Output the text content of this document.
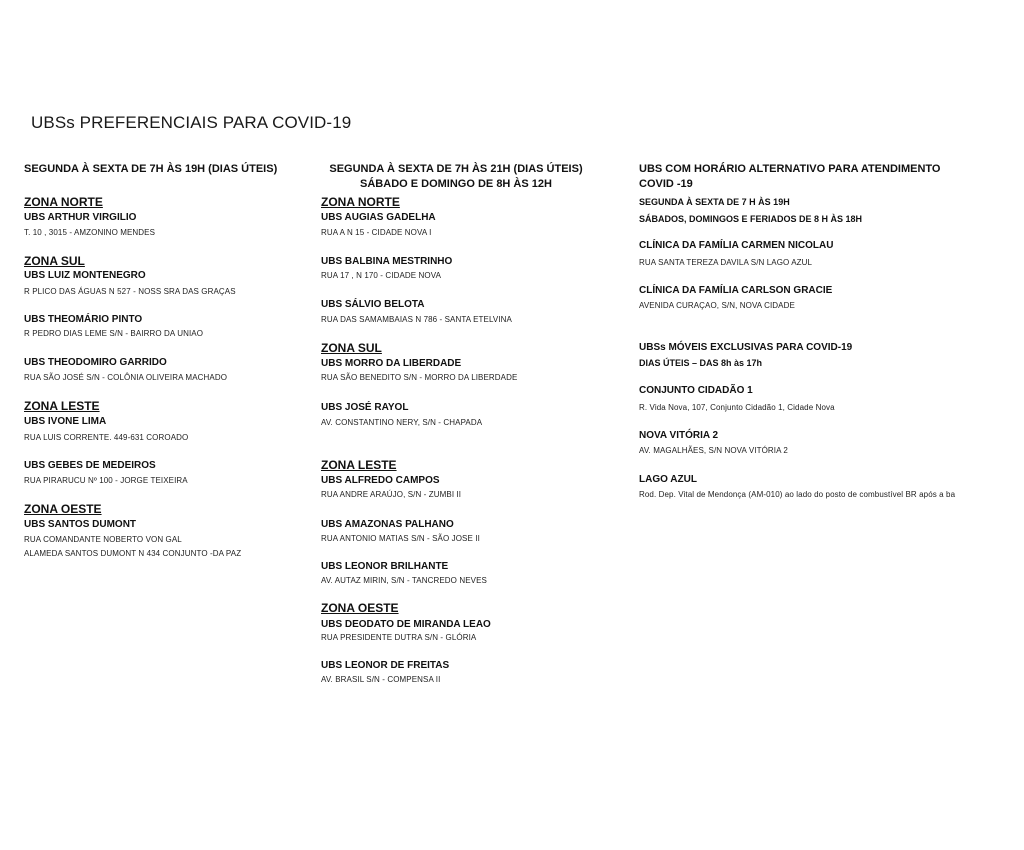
UBSs PREFERENCIAIS PARA COVID-19
SEGUNDA À SEXTA DE 7H ÀS 19H (DIAS ÚTEIS)
ZONA NORTE
UBS ARTHUR VIRGILIO
T. 10 , 3015 - AMZONINO MENDES
ZONA SUL
UBS LUIZ MONTENEGRO
R PLICO DAS ÁGUAS N 527 - NOSS SRA DAS GRAÇAS
UBS THEOMÁRIO PINTO
R PEDRO DIAS LEME S/N - BAIRRO DA UNIAO
UBS THEODOMIRO GARRIDO
RUA SÃO JOSÉ S/N - COLÔNIA OLIVEIRA MACHADO
ZONA LESTE
UBS IVONE LIMA
RUA LUIS CORRENTE. 449-631 COROADO
UBS GEBES DE MEDEIROS
RUA PIRARUCU Nº 100 - JORGE TEIXEIRA
ZONA OESTE
UBS SANTOS DUMONT
RUA COMANDANTE NOBERTO VON GAL
ALAMEDA SANTOS DUMONT N 434 CONJUNTO -DA PAZ
SEGUNDA À SEXTA DE 7H ÀS 21H (DIAS ÚTEIS)
SÁBADO E DOMINGO DE 8H ÀS 12H
ZONA NORTE
UBS AUGIAS GADELHA
RUA A N 15 - CIDADE NOVA I
UBS BALBINA MESTRINHO
RUA 17 , N 170 - CIDADE NOVA
UBS SÁLVIO BELOTA
RUA DAS SAMAMBAIAS N 786 - SANTA ETELVINA
ZONA SUL
UBS MORRO DA LIBERDADE
RUA SÃO BENEDITO S/N - MORRO DA LIBERDADE
UBS JOSÉ RAYOL
AV. CONSTANTINO NERY, S/N - CHAPADA
ZONA LESTE
UBS ALFREDO CAMPOS
RUA ANDRE ARAÚJO, S/N - ZUMBI II
UBS AMAZONAS PALHANO
RUA ANTONIO MATIAS S/N - SÃO JOSE II
UBS LEONOR BRILHANTE
AV. AUTAZ MIRIN, S/N - TANCREDO NEVES
ZONA OESTE
UBS DEODATO DE MIRANDA LEAO
RUA PRESIDENTE DUTRA S/N - GLÓRIA
UBS LEONOR DE FREITAS
AV. BRASIL S/N - COMPENSA II
UBS COM HORÁRIO ALTERNATIVO PARA ATENDIMENTO
COVID -19
SEGUNDA À SEXTA DE 7 H ÀS 19H
SÁBADOS, DOMINGOS E FERIADOS DE 8 H ÀS 18H
CLÍNICA DA FAMÍLIA CARMEN NICOLAU
RUA SANTA TEREZA DAVILA S/N LAGO AZUL
CLÍNICA DA FAMÍLIA CARLSON GRACIE
AVENIDA CURAÇAO, S/N, NOVA CIDADE
UBSs MÓVEIS EXCLUSIVAS PARA COVID-19
DIAS ÚTEIS – DAS 8h às 17h
CONJUNTO CIDADÃO 1
R. Vida Nova, 107, Conjunto Cidadão 1, Cidade Nova
NOVA VITÓRIA 2
AV. MAGALHÃES, S/N NOVA VITÓRIA 2
LAGO AZUL
Rod. Dep. Vital de Mendonça (AM-010) ao lado do posto de combustível BR após a ba
